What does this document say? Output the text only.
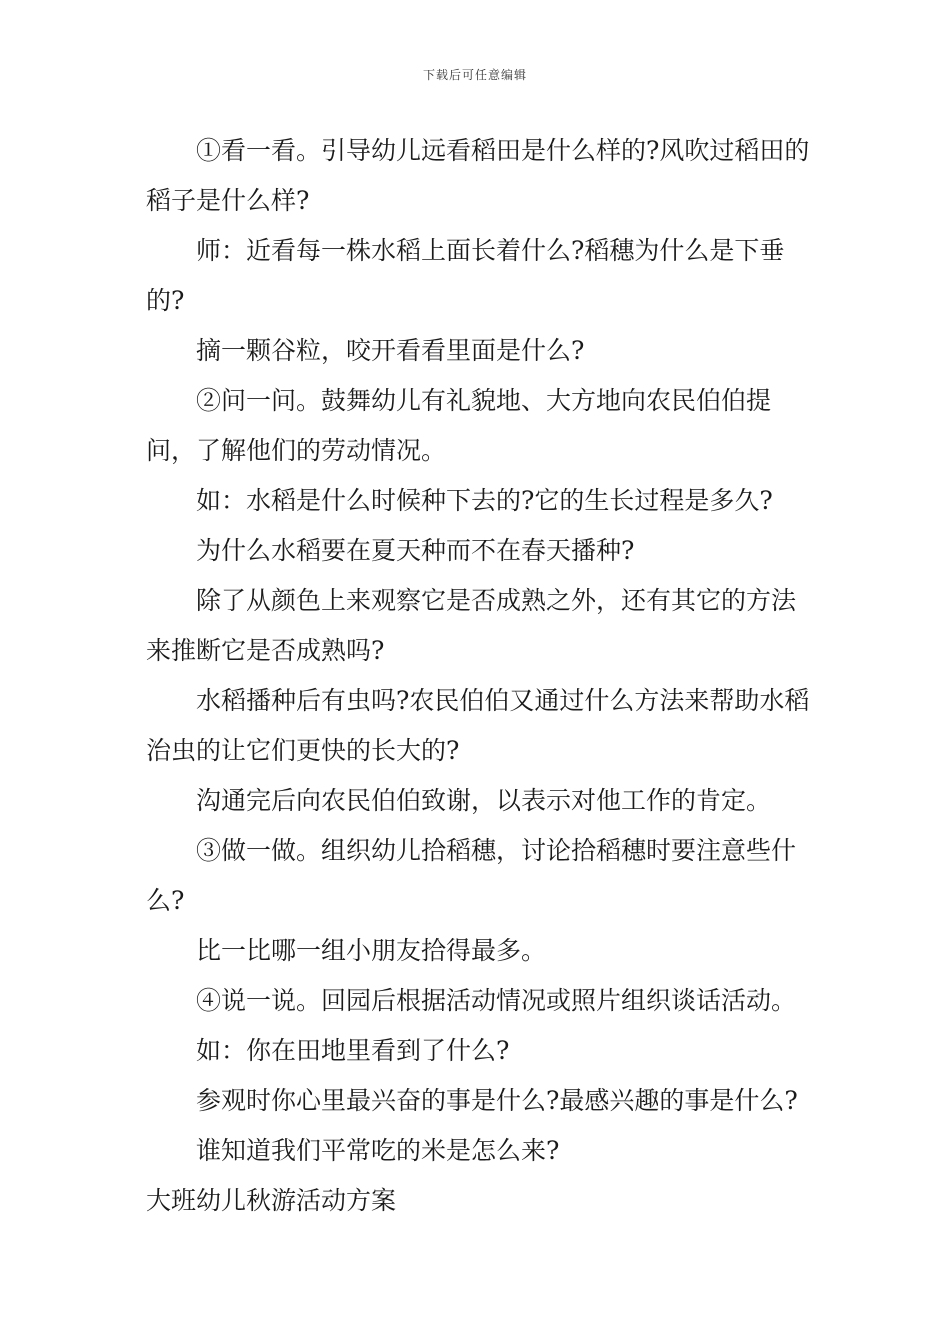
下载后可任意编辑

①看一看。引导幼儿远看稻田是什么样的?风吹过稻田的稻子是什么样?

师：近看每一株水稻上面长着什么?稻穗为什么是下垂的?

摘一颗谷粒，咬开看看里面是什么?

②问一问。鼓舞幼儿有礼貌地、大方地向农民伯伯提问，了解他们的劳动情况。

如：水稻是什么时候种下去的?它的生长过程是多久?

为什么水稻要在夏天种而不在春天播种?

除了从颜色上来观察它是否成熟之外，还有其它的方法来推断它是否成熟吗?

水稻播种后有虫吗?农民伯伯又通过什么方法来帮助水稻治虫的让它们更快的长大的?

沟通完后向农民伯伯致谢，以表示对他工作的肯定。

③做一做。组织幼儿拾稻穗，讨论拾稻穗时要注意些什么?

比一比哪一组小朋友拾得最多。

④说一说。回园后根据活动情况或照片组织谈话活动。

如：你在田地里看到了什么?

参观时你心里最兴奋的事是什么?最感兴趣的事是什么?

谁知道我们平常吃的米是怎么来?

大班幼儿秋游活动方案
